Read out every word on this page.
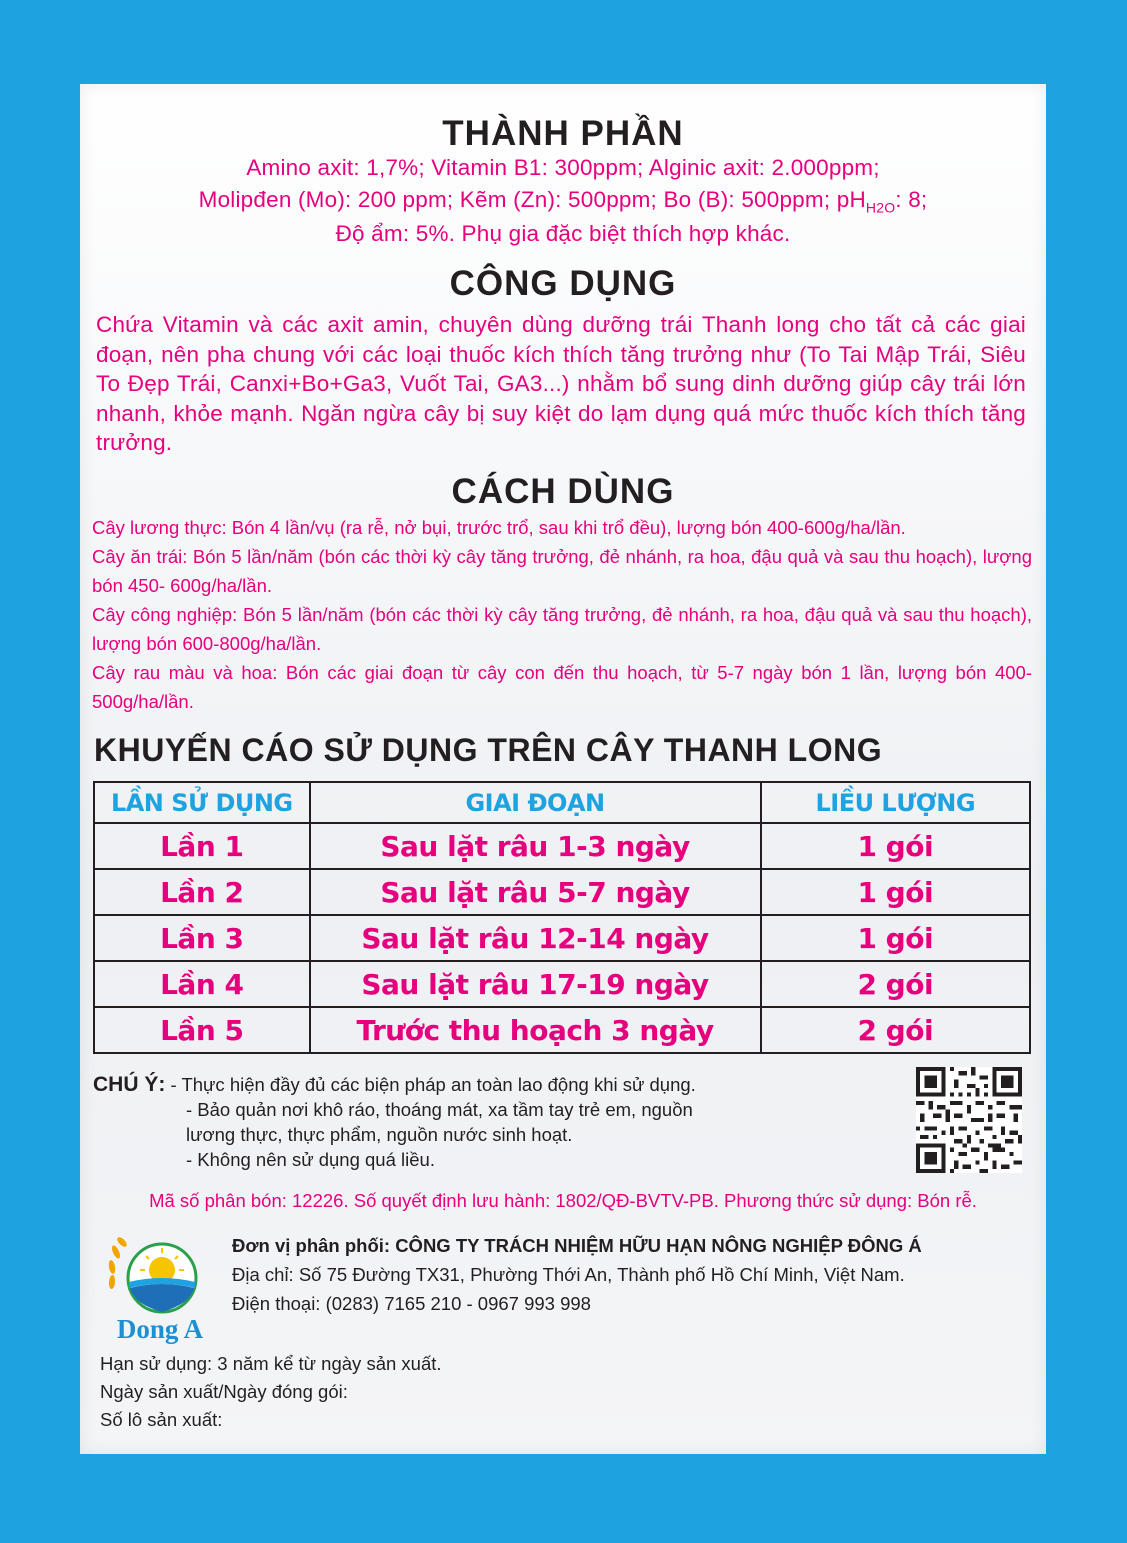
THÀNH PHẦN
Amino axit: 1,7%; Vitamin B1: 300ppm; Alginic axit: 2.000ppm;
Molipđen (Mo): 200 ppm; Kẽm (Zn): 500ppm; Bo (B): 500ppm; $pH_{H2O}$: 8;
Độ ẩm: 5%. Phụ gia đặc biệt thích hợp khác.
CÔNG DỤNG

Chứa Vitamin và các axit amin, chuyên dùng dưỡng trái Thanh long cho tất cả các giai đoạn, nên pha chung với các loại thuốc kích thích tăng trưởng như (To Tai Mập Trái, Siêu To Đẹp Trái, Canxi+Bo+Ga3, Vuốt Tai, GA3...) nhằm bổ sung dinh dưỡng giúp cây trái lớn nhanh, khỏe mạnh. Ngăn ngừa cây bị suy kiệt do lạm dụng quá mức thuốc kích thích tăng trưởng.

CÁCH DÙNG

Cây lương thực: Bón 4 lần/vụ (ra rễ, nở bụi, trước trổ, sau khi trổ đều), lượng bón 400-600g/ha/lần.

Cây ăn trái: Bón 5 lần/năm (bón các thời kỳ cây tăng trưởng, đẻ nhánh, ra hoa, đậu quả và sau thu hoạch), lượng bón 450- 600g/ha/lần.

Cây công nghiệp: Bón 5 lần/năm (bón các thời kỳ cây tăng trưởng, đẻ nhánh, ra hoa, đậu quả và sau thu hoạch), lượng bón 600-800g/ha/lần.

Cây rau màu và hoa: Bón các giai đoạn từ cây con đến thu hoạch, từ 5-7 ngày bón 1 lần, lượng bón 400-500g/ha/lần.

KHUYẾN CÁO SỬ DỤNG TRÊN CÂY THANH LONG
LẦN SỬ DỤNG	GIAI ĐOẠN	LIỀU LƯỢNG
Lần 1	Sau lặt râu 1-3 ngày	1 gói
Lần 2	Sau lặt râu 5-7 ngày	1 gói
Lần 3	Sau lặt râu 12-14 ngày	1 gói
Lần 4	Sau lặt râu 17-19 ngày	2 gói
Lần 5	Trước thu hoạch 3 ngày	2 gói
CHÚ Ý: - Thực hiện đầy đủ các biện pháp an toàn lao động khi sử dụng.
- Bảo quản nơi khô ráo, thoáng mát, xa tầm tay trẻ em, nguồn
lương thực, thực phẩm, nguồn nước sinh hoạt.
- Không nên sử dụng quá liều.
Mã số phân bón: 12226. Số quyết định lưu hành: 1802/QĐ-BVTV-PB. Phương thức sử dụng: Bón rễ.
Dong A

Đơn vị phân phối: CÔNG TY TRÁCH NHIỆM HỮU HẠN NÔNG NGHIỆP ĐÔNG Á

Địa chỉ: Số 75 Đường TX31, Phường Thới An, Thành phố Hồ Chí Minh, Việt Nam.

Điện thoại: (0283) 7165 210 - 0967 993 998

Hạn sử dụng: 3 năm kể từ ngày sản xuất.

Ngày sản xuất/Ngày đóng gói:

Số lô sản xuất:
